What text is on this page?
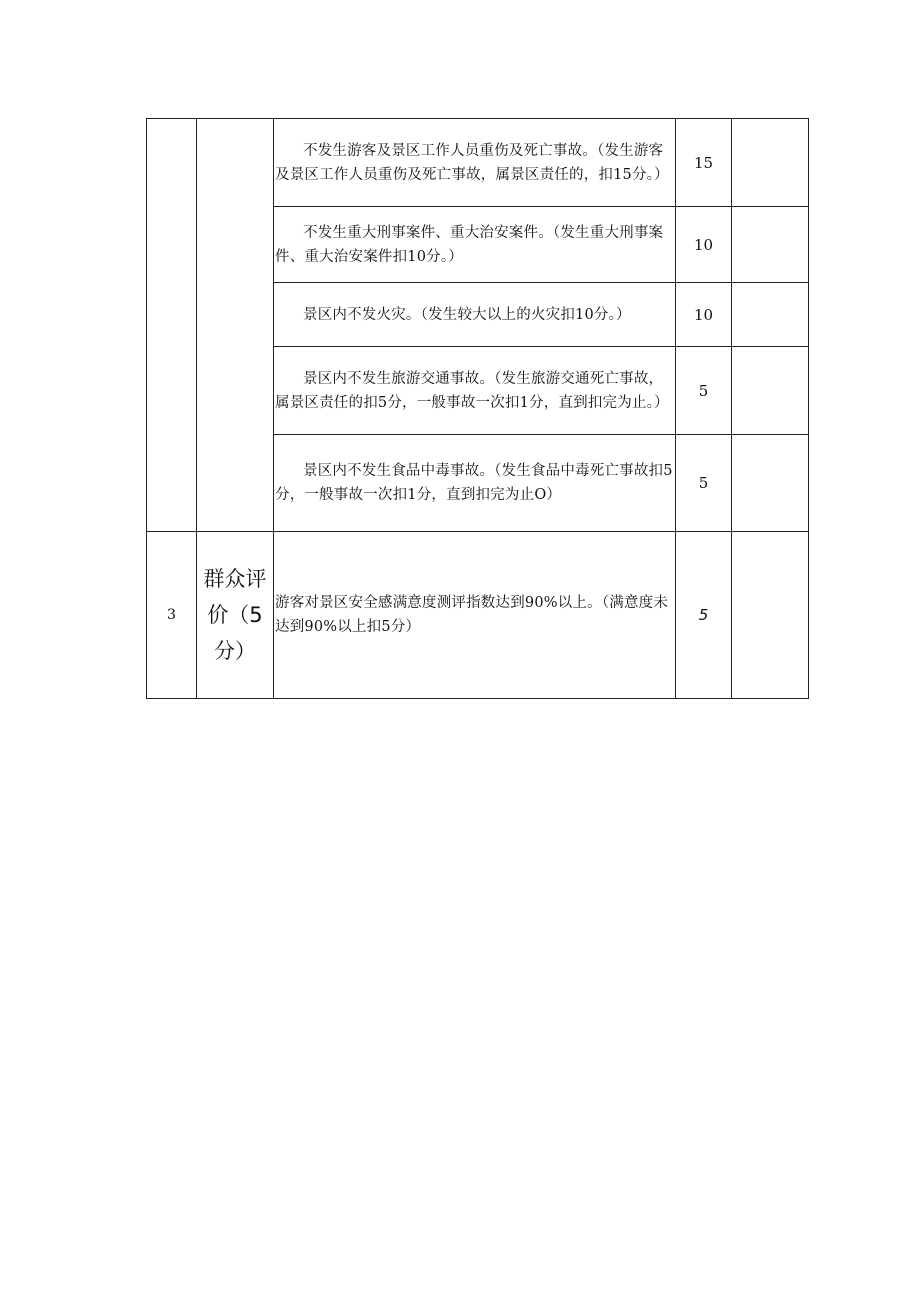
		不发生游客及景区工作人员重伤及死亡事故。（发生游客及景区工作人员重伤及死亡事故，属景区责任的，扣15分。）	15	

		不发生重大刑事案件、重大治安案件。（发生重大刑事案件、重大治安案件扣10分。）	10	

		景区内不发火灾。（发生较大以上的火灾扣10分。）	10	

		景区内不发生旅游交通事故。（发生旅游交通死亡事故，属景区责任的扣5分，一般事故一次扣1分，直到扣完为止。）	5	

		景区内不发生食品中毒事故。（发生食品中毒死亡事故扣5分，一般事故一次扣1分，直到扣完为止O）	5	
3	群众评价（5分）	游客对景区安全感满意度测评指数达到90%以上。（满意度未达到90%以上扣5分）	5	
